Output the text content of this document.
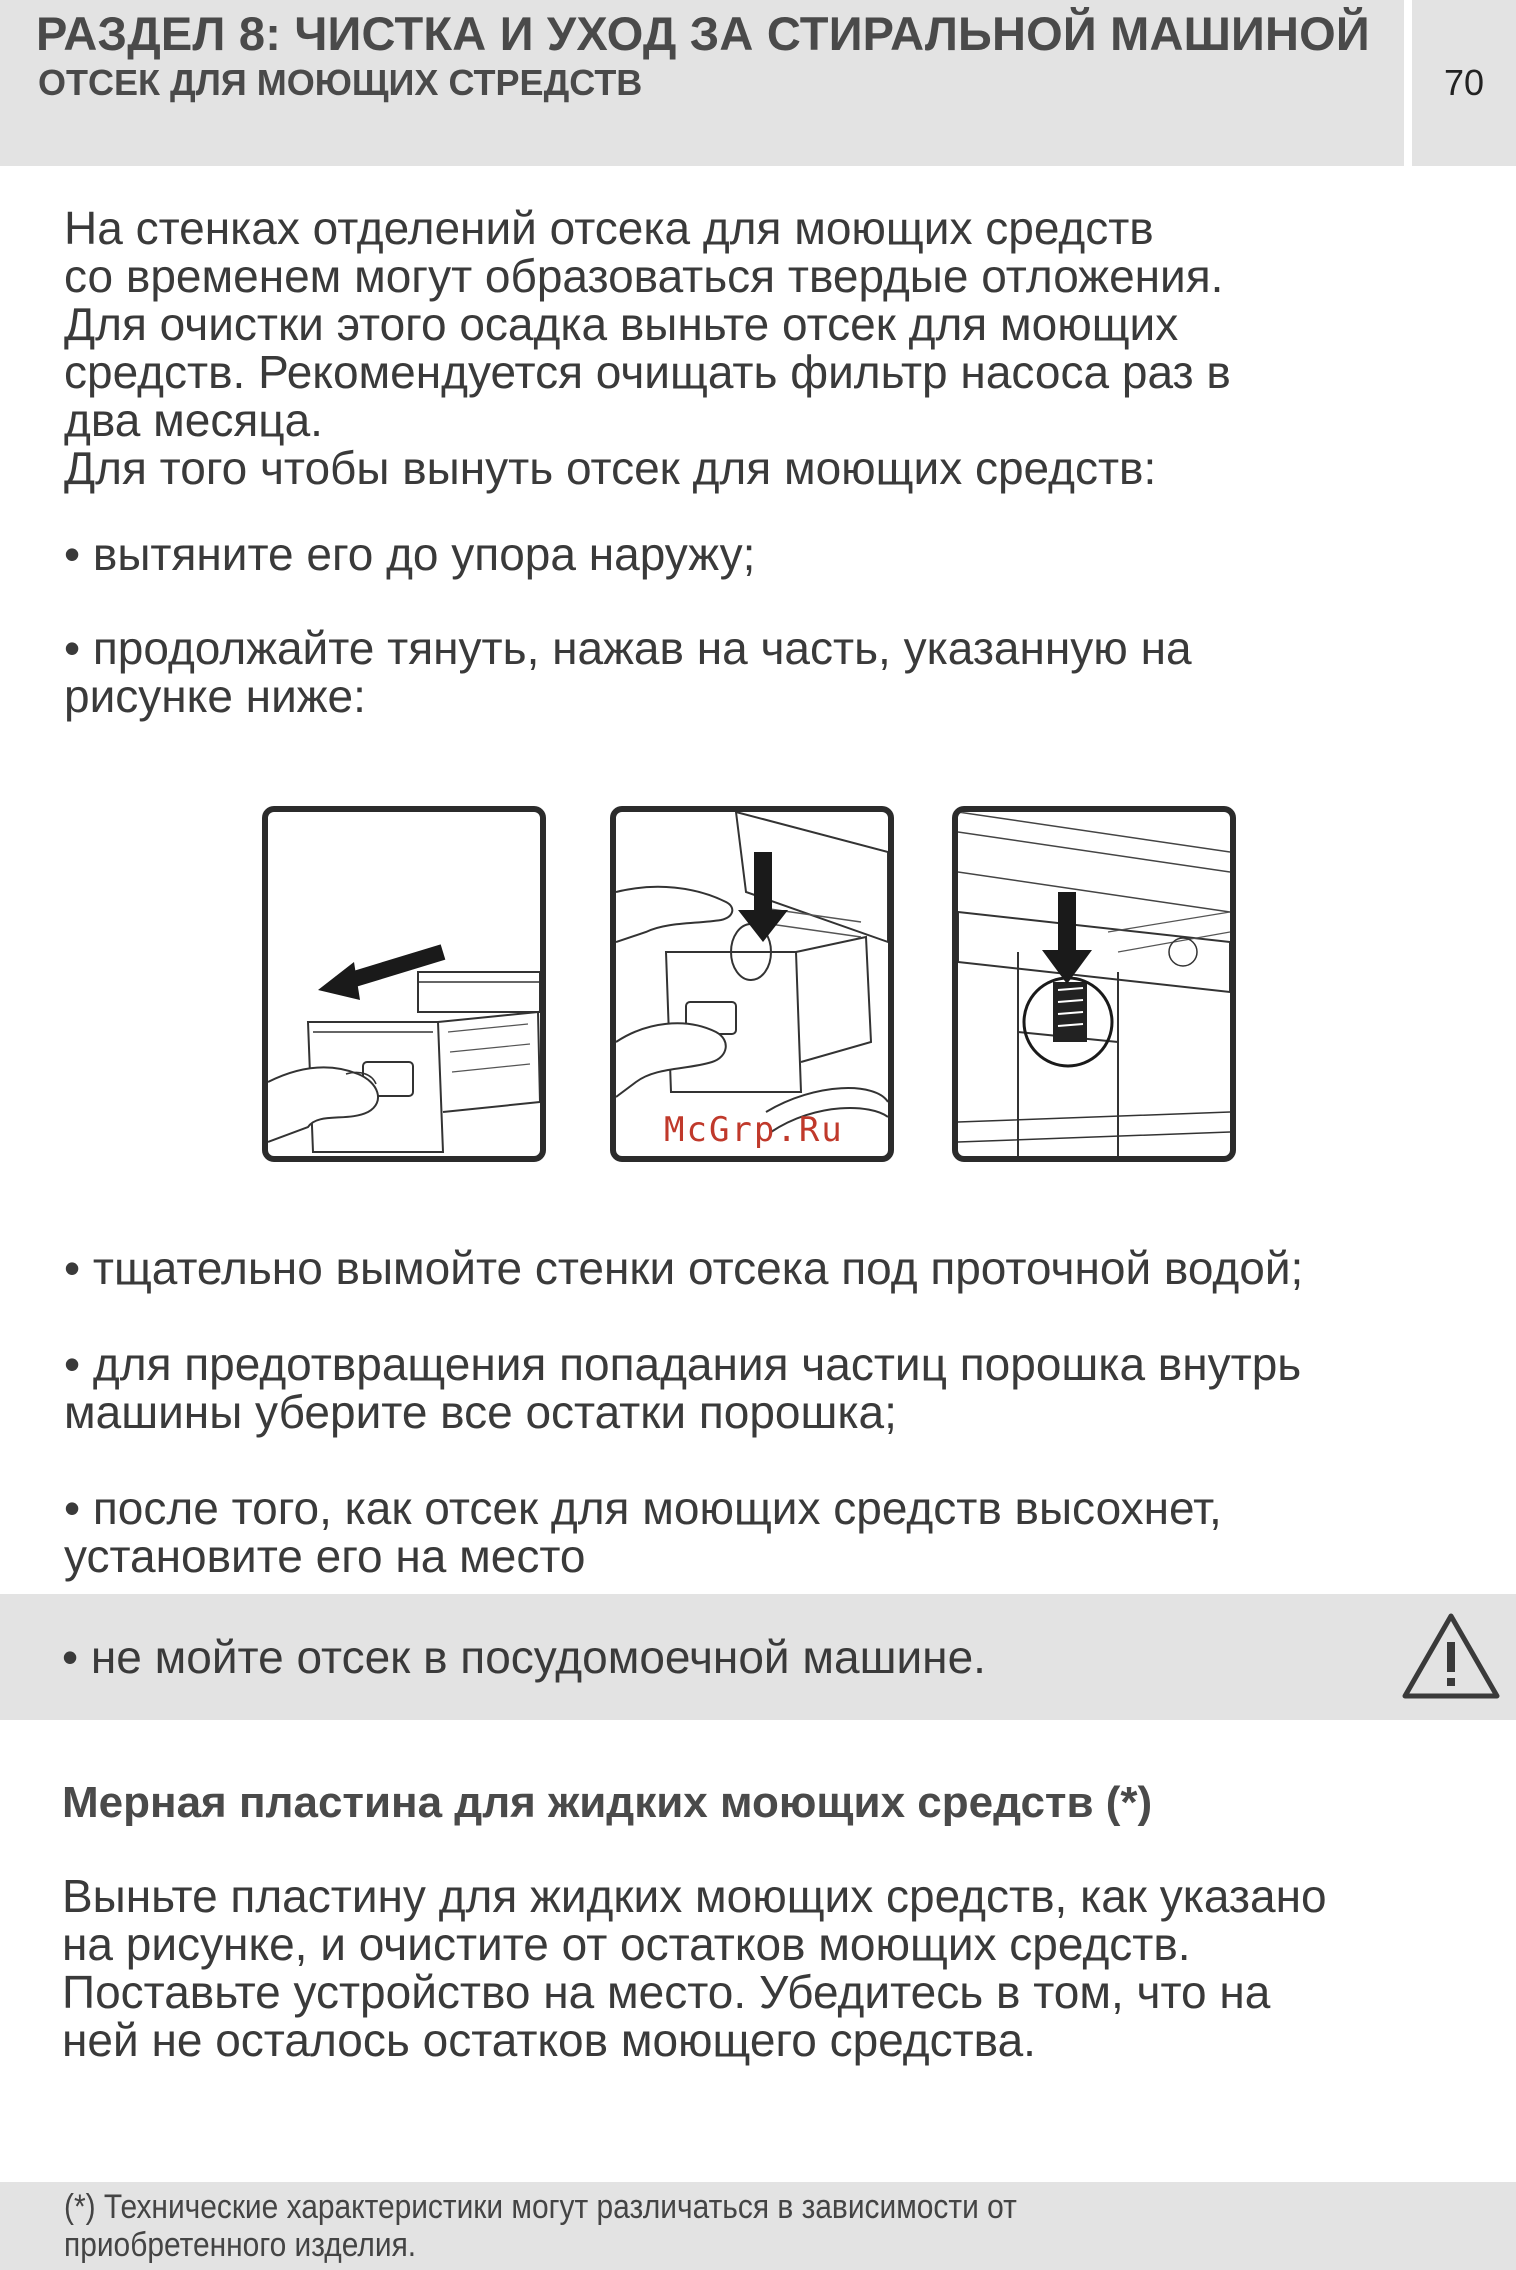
РАЗДЕЛ 8: ЧИСТКА И УХОД ЗА СТИРАЛЬНОЙ МАШИНОЙ
ОТСЕК ДЛЯ МОЮЩИХ СТРЕДСТВ	70
На стенках отделений отсека для моющих средств
со временем могут образоваться твердые отложения.
Для очистки этого осадка выньте отсек для моющих
средств. Рекомендуется очищать фильтр насоса раз в
два месяца.
Для того чтобы вынуть отсек для моющих средств:
• вытяните его до упора наружу;
• продолжайте тянуть, нажав на часть, указанную на
рисунке ниже:
McGrp.Ru
• тщательно вымойте стенки отсека под проточной водой;
• для предотвращения попадания частиц порошка внутрь
машины уберите все остатки порошка;
• после того, как отсек для моющих средств высохнет,
установите его на место
• не мойте отсек в посудомоечной машине.
Мерная пластина для жидких моющих средств (*)
Выньте пластину для жидких моющих средств, как указано
на рисунке, и очистите от остатков моющих средств.
Поставьте устройство на место. Убедитесь в том, что на
ней не осталось остатков моющего средства.
(*) Технические характеристики могут различаться в зависимости от
приобретенного изделия.
